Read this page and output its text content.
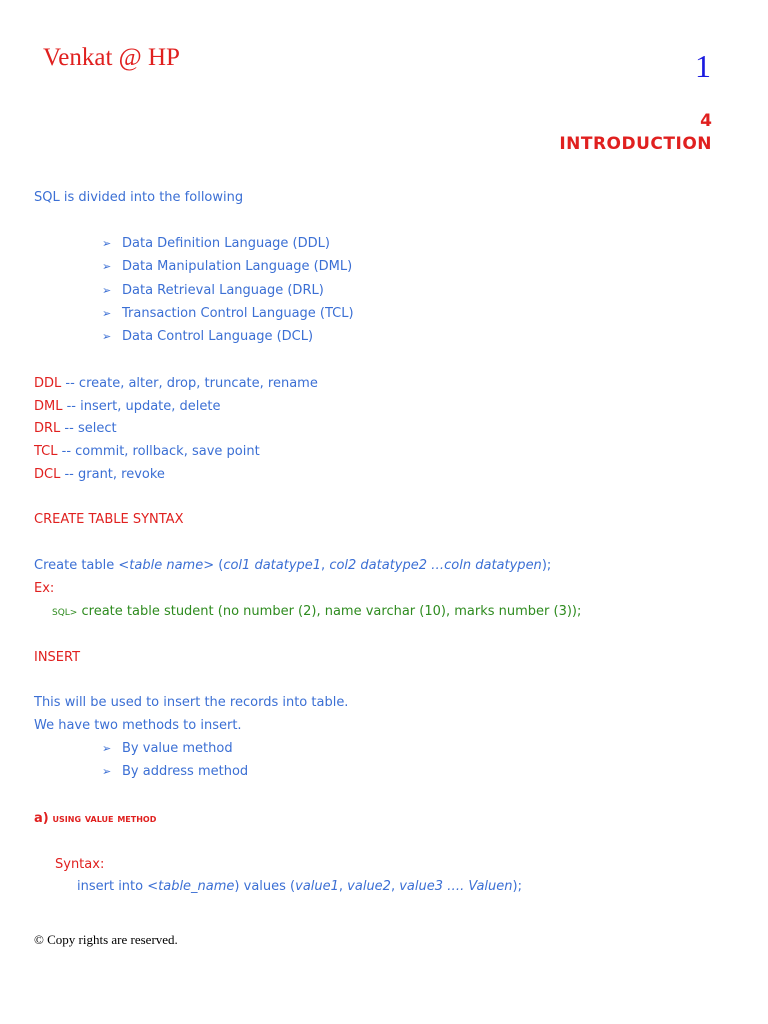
Venkat @ HP	1
4
INTRODUCTION
SQL is divided into the following
➢ Data Definition Language (DDL)
➢ Data Manipulation Language (DML)
➢ Data Retrieval Language (DRL)
➢ Transaction Control Language (TCL)
➢ Data Control Language (DCL)
DDL -- create, alter, drop, truncate, rename
DML -- insert, update, delete
DRL -- select
TCL -- commit, rollback, save point
DCL -- grant, revoke
CREATE TABLE SYNTAX
Create table <table name> (col1 datatype1, col2 datatype2 …coln datatypen);
Ex:
SQL> create table student (no number (2), name varchar (10), marks number (3));
INSERT
This will be used to insert the records into table.
We have two methods to insert.
➢ By value method
➢ By address method
a) using value method
Syntax:
insert into <table_name) values (value1, value2, value3 …. Valuen);
© Copy rights are reserved.
